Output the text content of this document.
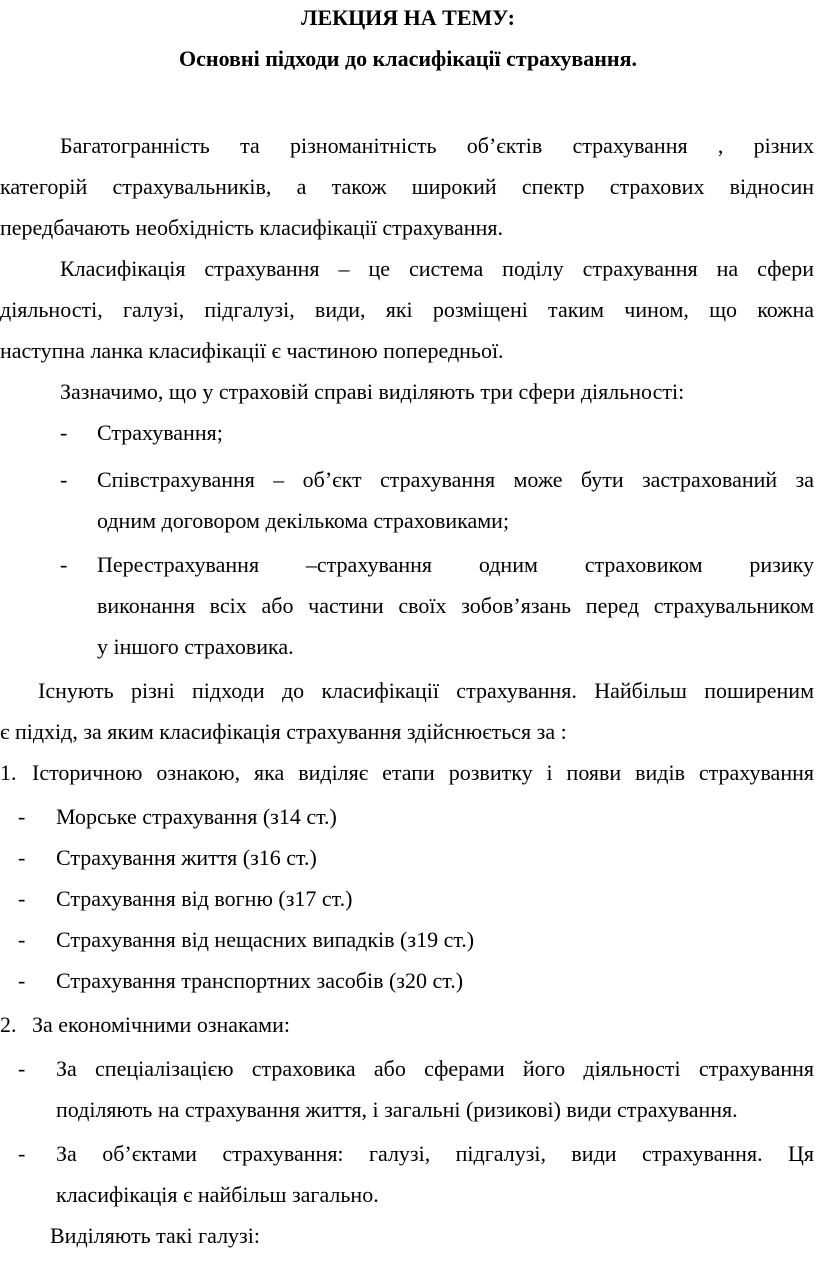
ЛЕКЦИЯ НА ТЕМУ:
Основні підходи до класифікації страхування.
Багатогранність та різноманітність об’єктів страхування , різних
категорій страхувальників, а також широкий спектр страхових відносин
передбачають необхідність класифікації страхування.
Класифікація страхування – це система поділу страхування на сфери
діяльності, галузі, підгалузі, види, які розміщені таким чином, що кожна
наступна ланка класифікації є частиною попередньої.
Зазначимо, що у страховій справі виділяють три сфери діяльності:
- Страхування;
- Співстрахування – об’єкт страхування може бути застрахований за
одним договором декількома страховиками;
- Перестрахування –страхування одним страховиком ризику
виконання всіх або частини своїх зобов’язань перед страхувальником
у іншого страховика.
Існують різні підходи до класифікації страхування. Найбільш поширеним
є підхід, за яким класифікація страхування здійснюється за :
1. Історичною ознакою, яка виділяє етапи розвитку і появи видів страхування
- Морське страхування (з14 ст.)
- Страхування життя (з16 ст.)
- Страхування від вогню (з17 ст.)
- Страхування від нещасних випадків (з19 ст.)
- Страхування транспортних засобів (з20 ст.)
2. За економічними ознаками:
- За спеціалізацією страховика або сферами його діяльності страхування
поділяють на страхування життя, і загальні (ризикові) види страхування.
- За об’єктами страхування: галузі, підгалузі, види страхування. Ця
класифікація є найбільш загально.
Виділяють такі галузі:
